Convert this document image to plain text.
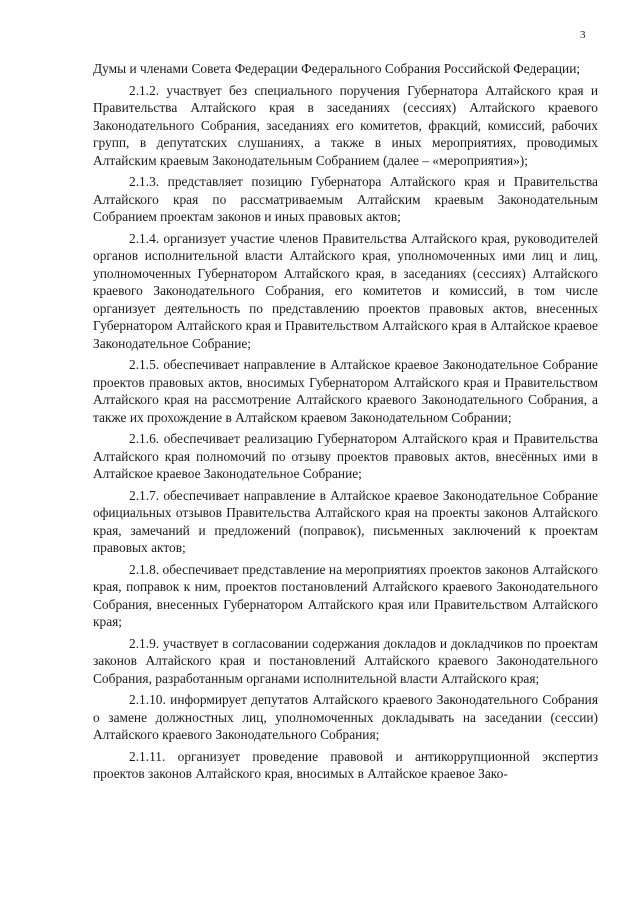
3

Думы и членами Совета Федерации Федерального Собрания Российской Федерации;

2.1.2. участвует без специального поручения Губернатора Алтайского края и Правительства Алтайского края в заседаниях (сессиях) Алтайского краевого Законодательного Собрания, заседаниях его комитетов, фракций, комиссий, рабочих групп, в депутатских слушаниях, а также в иных мероприятиях, проводимых Алтайским краевым Законодательным Собранием (далее – «мероприятия»);

2.1.3. представляет позицию Губернатора Алтайского края и Правительства Алтайского края по рассматриваемым Алтайским краевым Законодательным Собранием проектам законов и иных правовых актов;

2.1.4. организует участие членов Правительства Алтайского края, руководителей органов исполнительной власти Алтайского края, уполномоченных ими лиц и лиц, уполномоченных Губернатором Алтайского края, в заседаниях (сессиях) Алтайского краевого Законодательного Собрания, его комитетов и комиссий, в том числе организует деятельность по представлению проектов правовых актов, внесенных Губернатором Алтайского края и Правительством Алтайского края в Алтайское краевое Законодательное Собрание;

2.1.5. обеспечивает направление в Алтайское краевое Законодательное Собрание проектов правовых актов, вносимых Губернатором Алтайского края и Правительством Алтайского края на рассмотрение Алтайского краевого Законодательного Собрания, а также их прохождение в Алтайском краевом Законодательном Собрании;

2.1.6. обеспечивает реализацию Губернатором Алтайского края и Правительства Алтайского края полномочий по отзыву проектов правовых актов, внесённых ими в Алтайское краевое Законодательное Собрание;

2.1.7. обеспечивает направление в Алтайское краевое Законодательное Собрание официальных отзывов Правительства Алтайского края на проекты законов Алтайского края, замечаний и предложений (поправок), письменных заключений к проектам правовых актов;

2.1.8. обеспечивает представление на мероприятиях проектов законов Алтайского края, поправок к ним, проектов постановлений Алтайского краевого Законодательного Собрания, внесенных Губернатором Алтайского края или Правительством Алтайского края;

2.1.9. участвует в согласовании содержания докладов и докладчиков по проектам законов Алтайского края и постановлений Алтайского краевого Законодательного Собрания, разработанным органами исполнительной власти Алтайского края;

2.1.10. информирует депутатов Алтайского краевого Законодательного Собрания о замене должностных лиц, уполномоченных докладывать на заседании (сессии) Алтайского краевого Законодательного Собрания;

2.1.11. организует проведение правовой и антикоррупционной экспертиз проектов законов Алтайского края, вносимых в Алтайское краевое Зако-
